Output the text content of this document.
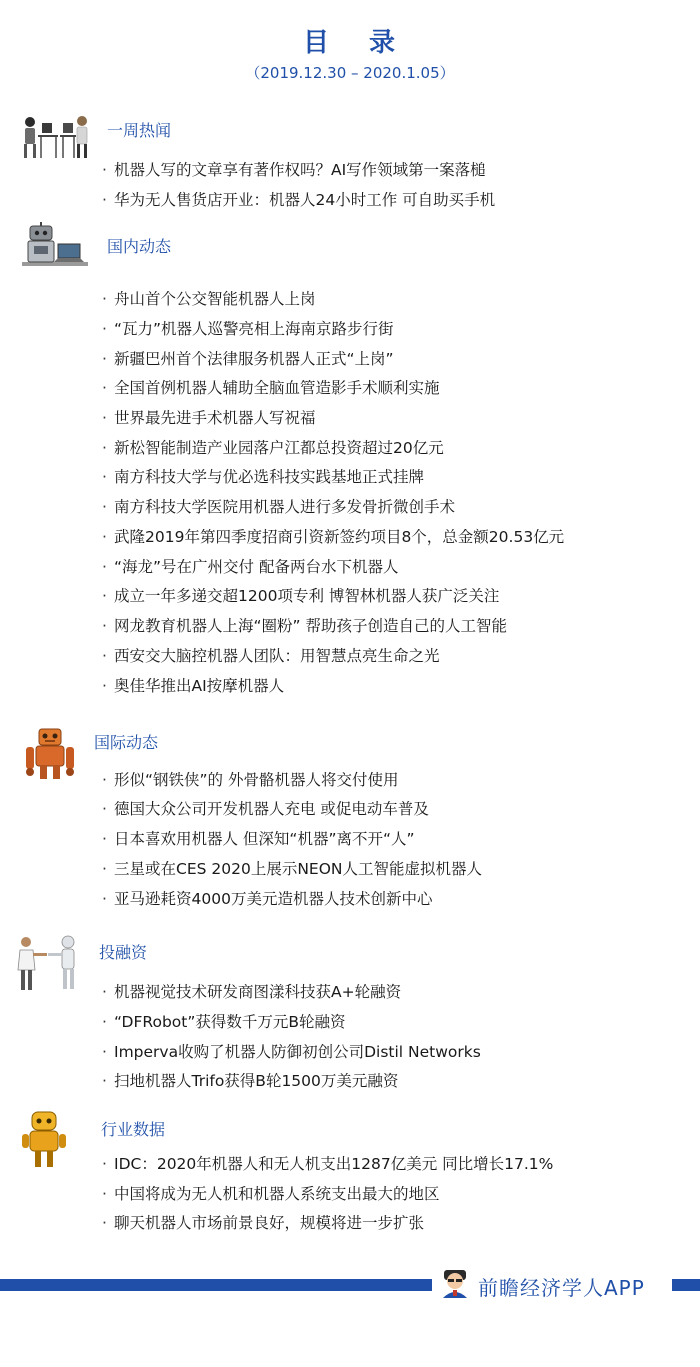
目 录
（2019.12.30 – 2020.1.05）
一周热闻
· 机器人写的文章享有著作权吗？AI写作领域第一案落槌
· 华为无人售货店开业：机器人24小时工作 可自助买手机
国内动态
· 舟山首个公交智能机器人上岗
· “瓦力”机器人巡警亮相上海南京路步行街
· 新疆巴州首个法律服务机器人正式“上岗”
· 全国首例机器人辅助全脑血管造影手术顺利实施
· 世界最先进手术机器人写祝福
· 新松智能制造产业园落户江都总投资超过20亿元
· 南方科技大学与优必选科技实践基地正式挂牌
· 南方科技大学医院用机器人进行多发骨折微创手术
· 武隆2019年第四季度招商引资新签约项目8个，总金额20.53亿元
· “海龙”号在广州交付 配备两台水下机器人
· 成立一年多递交超1200项专利 博智林机器人获广泛关注
· 网龙教育机器人上海“圈粉” 帮助孩子创造自己的人工智能
· 西安交大脑控机器人团队：用智慧点亮生命之光
· 奥佳华推出AI按摩机器人
国际动态
· 形似“钢铁侠”的 外骨骼机器人将交付使用
· 德国大众公司开发机器人充电 或促电动车普及
· 日本喜欢用机器人 但深知“机器”离不开“人”
· 三星或在CES 2020上展示NEON人工智能虚拟机器人
· 亚马逊耗资4000万美元造机器人技术创新中心
投融资
· 机器视觉技术研发商图漾科技获A+轮融资
· “DFRobot”获得数千万元B轮融资
· Imperva收购了机器人防御初创公司Distil Networks
· 扫地机器人Trifo获得B轮1500万美元融资
行业数据
· IDC：2020年机器人和无人机支出1287亿美元 同比增长17.1%
· 中国将成为无人机和机器人系统支出最大的地区
· 聊天机器人市场前景良好，规模将进一步扩张
前瞻经济学人APP
